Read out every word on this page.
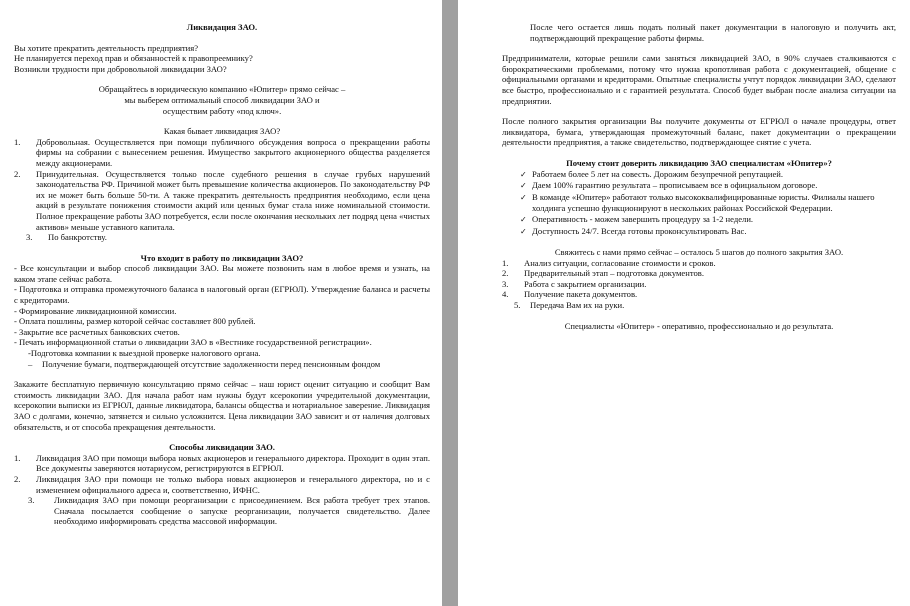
Ликвидация ЗАО.

Вы хотите прекратить деятельность предприятия?

Не планируется переход прав и обязанностей к правопреемнику?

Возникли трудности при добровольной ликвидации ЗАО?

Обращайтесь в юридическую компанию «Юпитер» прямо сейчас –

мы выберем оптимальный способ ликвидации ЗАО и

осуществим работу «под ключ».

Какая бывает ликвидация ЗАО?

1. Добровольная. Осуществляется при помощи публичного обсуждения вопроса о прекращении работы фирмы на собрании с вынесением решения. Имущество закрытого акционерного общества разделяется между акционерами.
2. Принудительная. Осуществляется только после судебного решения в случае грубых нарушений законодательства РФ. Причиной может быть превышение количества акционеров. По законодательству РФ их не может быть больше 50-ти. А также прекратить деятельность предприятия необходимо, если цена акций в результате понижения стоимости акций или ценных бумаг стала ниже номинальной стоимости. Полное прекращение работы ЗАО потребуется, если после окончания нескольких лет подряд цена «чистых активов» меньше уставного капитала.
3. По банкротству.

Что входит в работу по ликвидации ЗАО?

- Все консультации и выбор способ ликвидации ЗАО. Вы можете позвонить нам в любое время и узнать, на каком этапе сейчас работа.

- Подготовка и отправка промежуточного баланса в налоговый орган (ЕГРЮЛ). Утверждение баланса и расчеты с кредиторами.

- Формирование ликвидационной комиссии.

- Оплата пошлины, размер которой сейчас составляет 800 рублей.

- Закрытие все расчетных банковских счетов.

- Печать информационной статьи о ликвидации ЗАО в «Вестнике государственной регистрации».

-Подготовка компании к выездной проверке налогового органа.

– Получение бумаги, подтверждающей отсутствие задолженности перед пенсионным фондом

Закажите бесплатную первичную консультацию прямо сейчас – наш юрист оценит ситуацию и сообщит Вам стоимость ликвидации ЗАО. Для начала работ нам нужны будут ксерокопии учредительной документации, ксерокопии выписки из ЕГРЮЛ, данные ликвидатора, балансы общества и нотариальное заверение. Ликвидация ЗАО с долгами, конечно, затянется и сильно усложнится. Цена ликвидации ЗАО зависит и от наличия долговых обязательств, и от способа прекращения деятельности.

Способы ликвидации ЗАО.

1. Ликвидация ЗАО при помощи выбора новых акционеров и генерального директора. Проходит в один этап. Все документы заверяются нотариусом, регистрируются в ЕГРЮЛ.
2. Ликвидация ЗАО при помощи не только выбора новых акционеров и генерального директора, но и с изменением официального адреса и, соответственно, ИФНС.
3. Ликвидация ЗАО при помощи реорганизации с присоединением. Вся работа требует трех этапов. Сначала посылается сообщение о запуске реорганизации, получается свидетельство. Далее необходимо информировать средства массовой информации.

После чего остается лишь подать полный пакет документации в налоговую и получить акт, подтверждающий прекращение работы фирмы.

Предприниматели, которые решили сами заняться ликвидацией ЗАО, в 90% случаев сталкиваются с бюрократическими проблемами, потому что нужна кропотливая работа с документацией, общение с официальными органами и кредиторами. Опытные специалисты учтут порядок ликвидации ЗАО, сделают все быстро, профессионально и с гарантией результата. Способ будет выбран после анализа ситуации на предприятии.

После полного закрытия организации Вы получите документы от ЕГРЮЛ о начале процедуры, ответ ликвидатора, бумага, утверждающая промежуточный баланс, пакет документации о прекращении деятельности предприятия, а также свидетельство, подтверждающее снятие с учета.

Почему стоит доверить ликвидацию ЗАО специалистам «Юпитер»?

✓ Работаем более 5 лет на совесть. Дорожим безупречной репутацией.
✓ Даем 100% гарантию результата – прописываем все в официальном договоре.
✓ В команде «Юпитер» работают только высококвалифицированные юристы. Филиалы нашего холдинга успешно функционируют в нескольких районах Российской Федерации.
✓ Оперативность - можем завершить процедуру за 1-2 недели.
✓ Доступность 24/7. Всегда готовы проконсультировать Вас.

Свяжитесь с нами прямо сейчас – осталось 5 шагов до полного закрытия ЗАО.

1. Анализ ситуации, согласование стоимости и сроков.
2. Предварительный этап – подготовка документов.
3. Работа с закрытием организации.
4. Получение пакета документов.
5. Передача Вам их на руки.

Специалисты «Юпитер» - оперативно, профессионально и до результата.
